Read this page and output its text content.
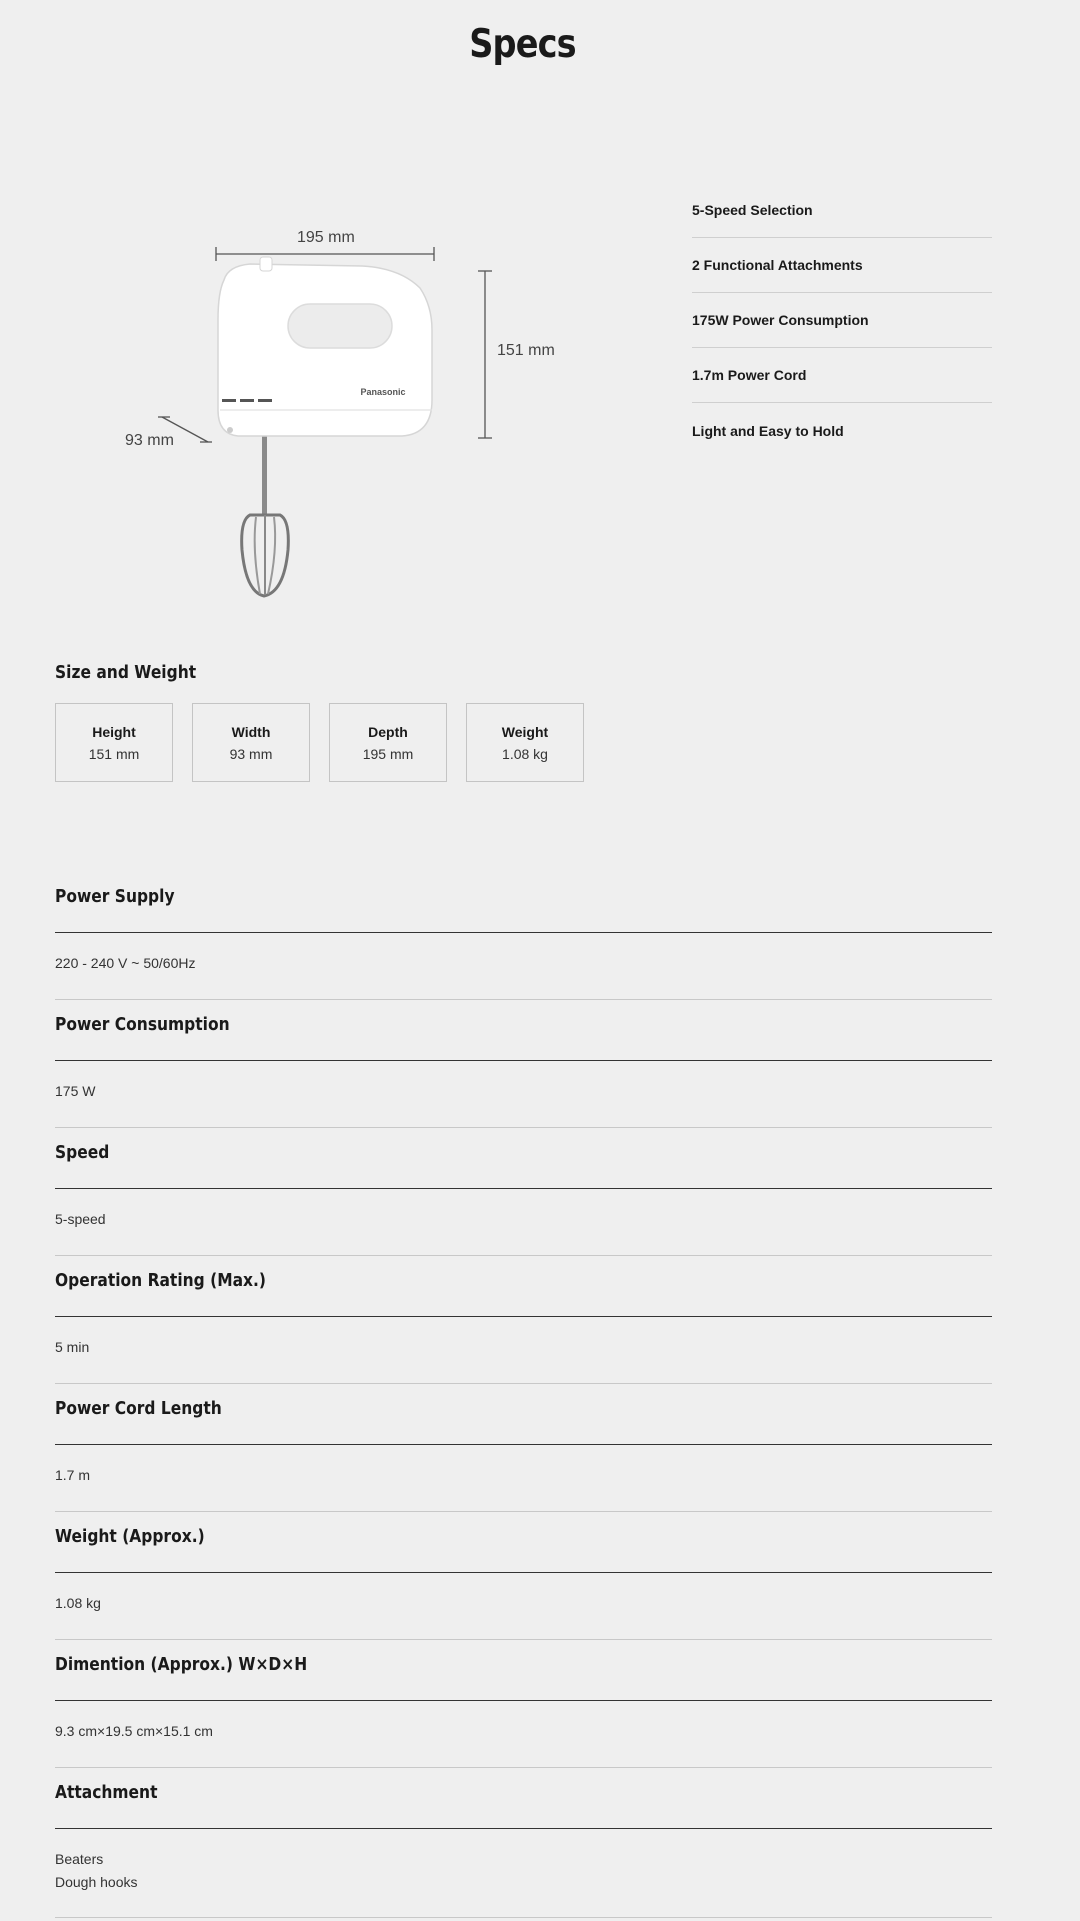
Specs
Panasonic
195 mm
151 mm
93 mm
5-Speed Selection
2 Functional Attachments
175W Power Consumption
1.7m Power Cord
Light and Easy to Hold
Size and Weight
Height
151 mm
Width
93 mm
Depth
195 mm
Weight
1.08 kg
Power Supply
220 - 240 V ~ 50/60Hz
Power Consumption
175 W
Speed
5-speed
Operation Rating (Max.)
5 min
Power Cord Length
1.7 m
Weight (Approx.)
1.08 kg
Dimention (Approx.) W×D×H
9.3 cm×19.5 cm×15.1 cm
Attachment
Beaters
Dough hooks
